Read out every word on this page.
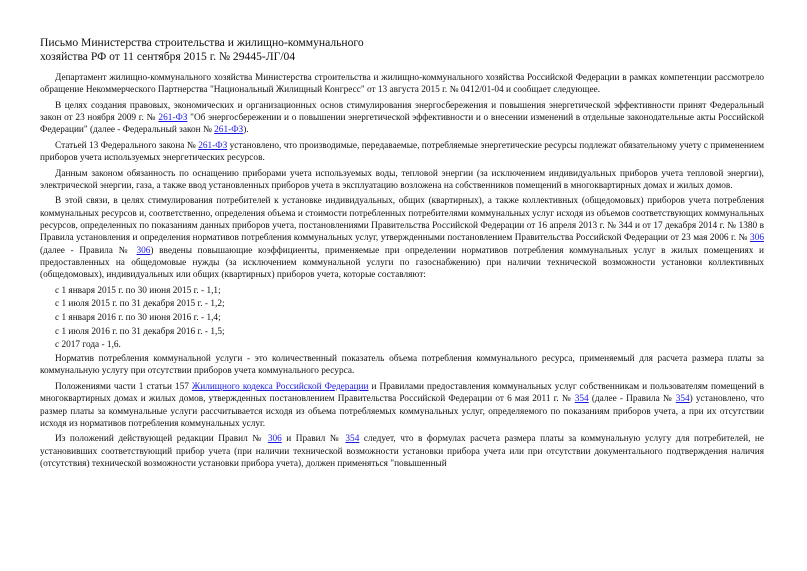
Письмо Министерства строительства и жилищно-коммунального
хозяйства РФ от 11 сентября 2015 г. № 29445-ЛГ/04

Департамент жилищно-коммунального хозяйства Министерства строительства и жилищно-коммунального хозяйства Российской Федерации в рамках компетенции рассмотрело обращение Некоммерческого Партнерства "Национальный Жилищный Конгресс" от 13 августа 2015 г. № 0412/01-04 и сообщает следующее.

В целях создания правовых, экономических и организационных основ стимулирования энергосбережения и повышения энергетической эффективности принят Федеральный закон от 23 ноября 2009 г. № 261-ФЗ "Об энергосбережении и о повышении энергетической эффективности и о внесении изменений в отдельные законодательные акты Российской Федерации" (далее - Федеральный закон № 261-ФЗ).

Статьей 13 Федерального закона № 261-ФЗ установлено, что производимые, передаваемые, потребляемые энергетические ресурсы подлежат обязательному учету с применением приборов учета используемых энергетических ресурсов.

Данным законом обязанность по оснащению приборами учета используемых воды, тепловой энергии (за исключением индивидуальных приборов учета тепловой энергии), электрической энергии, газа, а также ввод установленных приборов учета в эксплуатацию возложена на собственников помещений в многоквартирных домах и жилых домов.

В этой связи, в целях стимулирования потребителей к установке индивидуальных, общих (квартирных), а также коллективных (общедомовых) приборов учета потребления коммунальных ресурсов и, соответственно, определения объема и стоимости потребленных потребителями коммунальных услуг исходя из объемов соответствующих коммунальных ресурсов, определенных по показаниям данных приборов учета, постановлениями Правительства Российской Федерации от 16 апреля 2013 г. № 344 и от 17 декабря 2014 г. № 1380 в Правила установления и определения нормативов потребления коммунальных услуг, утвержденными постановлением Правительства Российской Федерации от 23 мая 2006 г. № 306 (далее - Правила № 306) введены повышающие коэффициенты, применяемые при определении нормативов потребления коммунальных услуг в жилых помещениях и предоставленных на общедомовые нужды (за исключением коммунальной услуги по газоснабжению) при наличии технической возможности установки коллективных (общедомовых), индивидуальных или общих (квартирных) приборов учета, которые составляют:

с 1 января 2015 г. по 30 июня 2015 г. - 1,1;

с 1 июля 2015 г. по 31 декабря 2015 г. - 1,2;

с 1 января 2016 г. по 30 июня 2016 г. - 1,4;

с 1 июля 2016 г. по 31 декабря 2016 г. - 1,5;

с 2017 года - 1,6.

Норматив потребления коммунальной услуги - это количественный показатель объема потребления коммунального ресурса, применяемый для расчета размера платы за коммунальную услугу при отсутствии приборов учета коммунального ресурса.

Положениями части 1 статьи 157 Жилищного кодекса Российской Федерации и Правилами предоставления коммунальных услуг собственникам и пользователям помещений в многоквартирных домах и жилых домов, утвержденных постановлением Правительства Российской Федерации от 6 мая 2011 г. № 354 (далее - Правила № 354) установлено, что размер платы за коммунальные услуги рассчитывается исходя из объема потребляемых коммунальных услуг, определяемого по показаниям приборов учета, а при их отсутствии исходя из нормативов потребления коммунальных услуг.

Из положений действующей редакции Правил № 306 и Правил № 354 следует, что в формулах расчета размера платы за коммунальную услугу для потребителей, не установивших соответствующий прибор учета (при наличии технической возможности установки прибора учета или при отсутствии документального подтверждения наличия (отсутствия) технической возможности установки прибора учета), должен применяться "повышенный
